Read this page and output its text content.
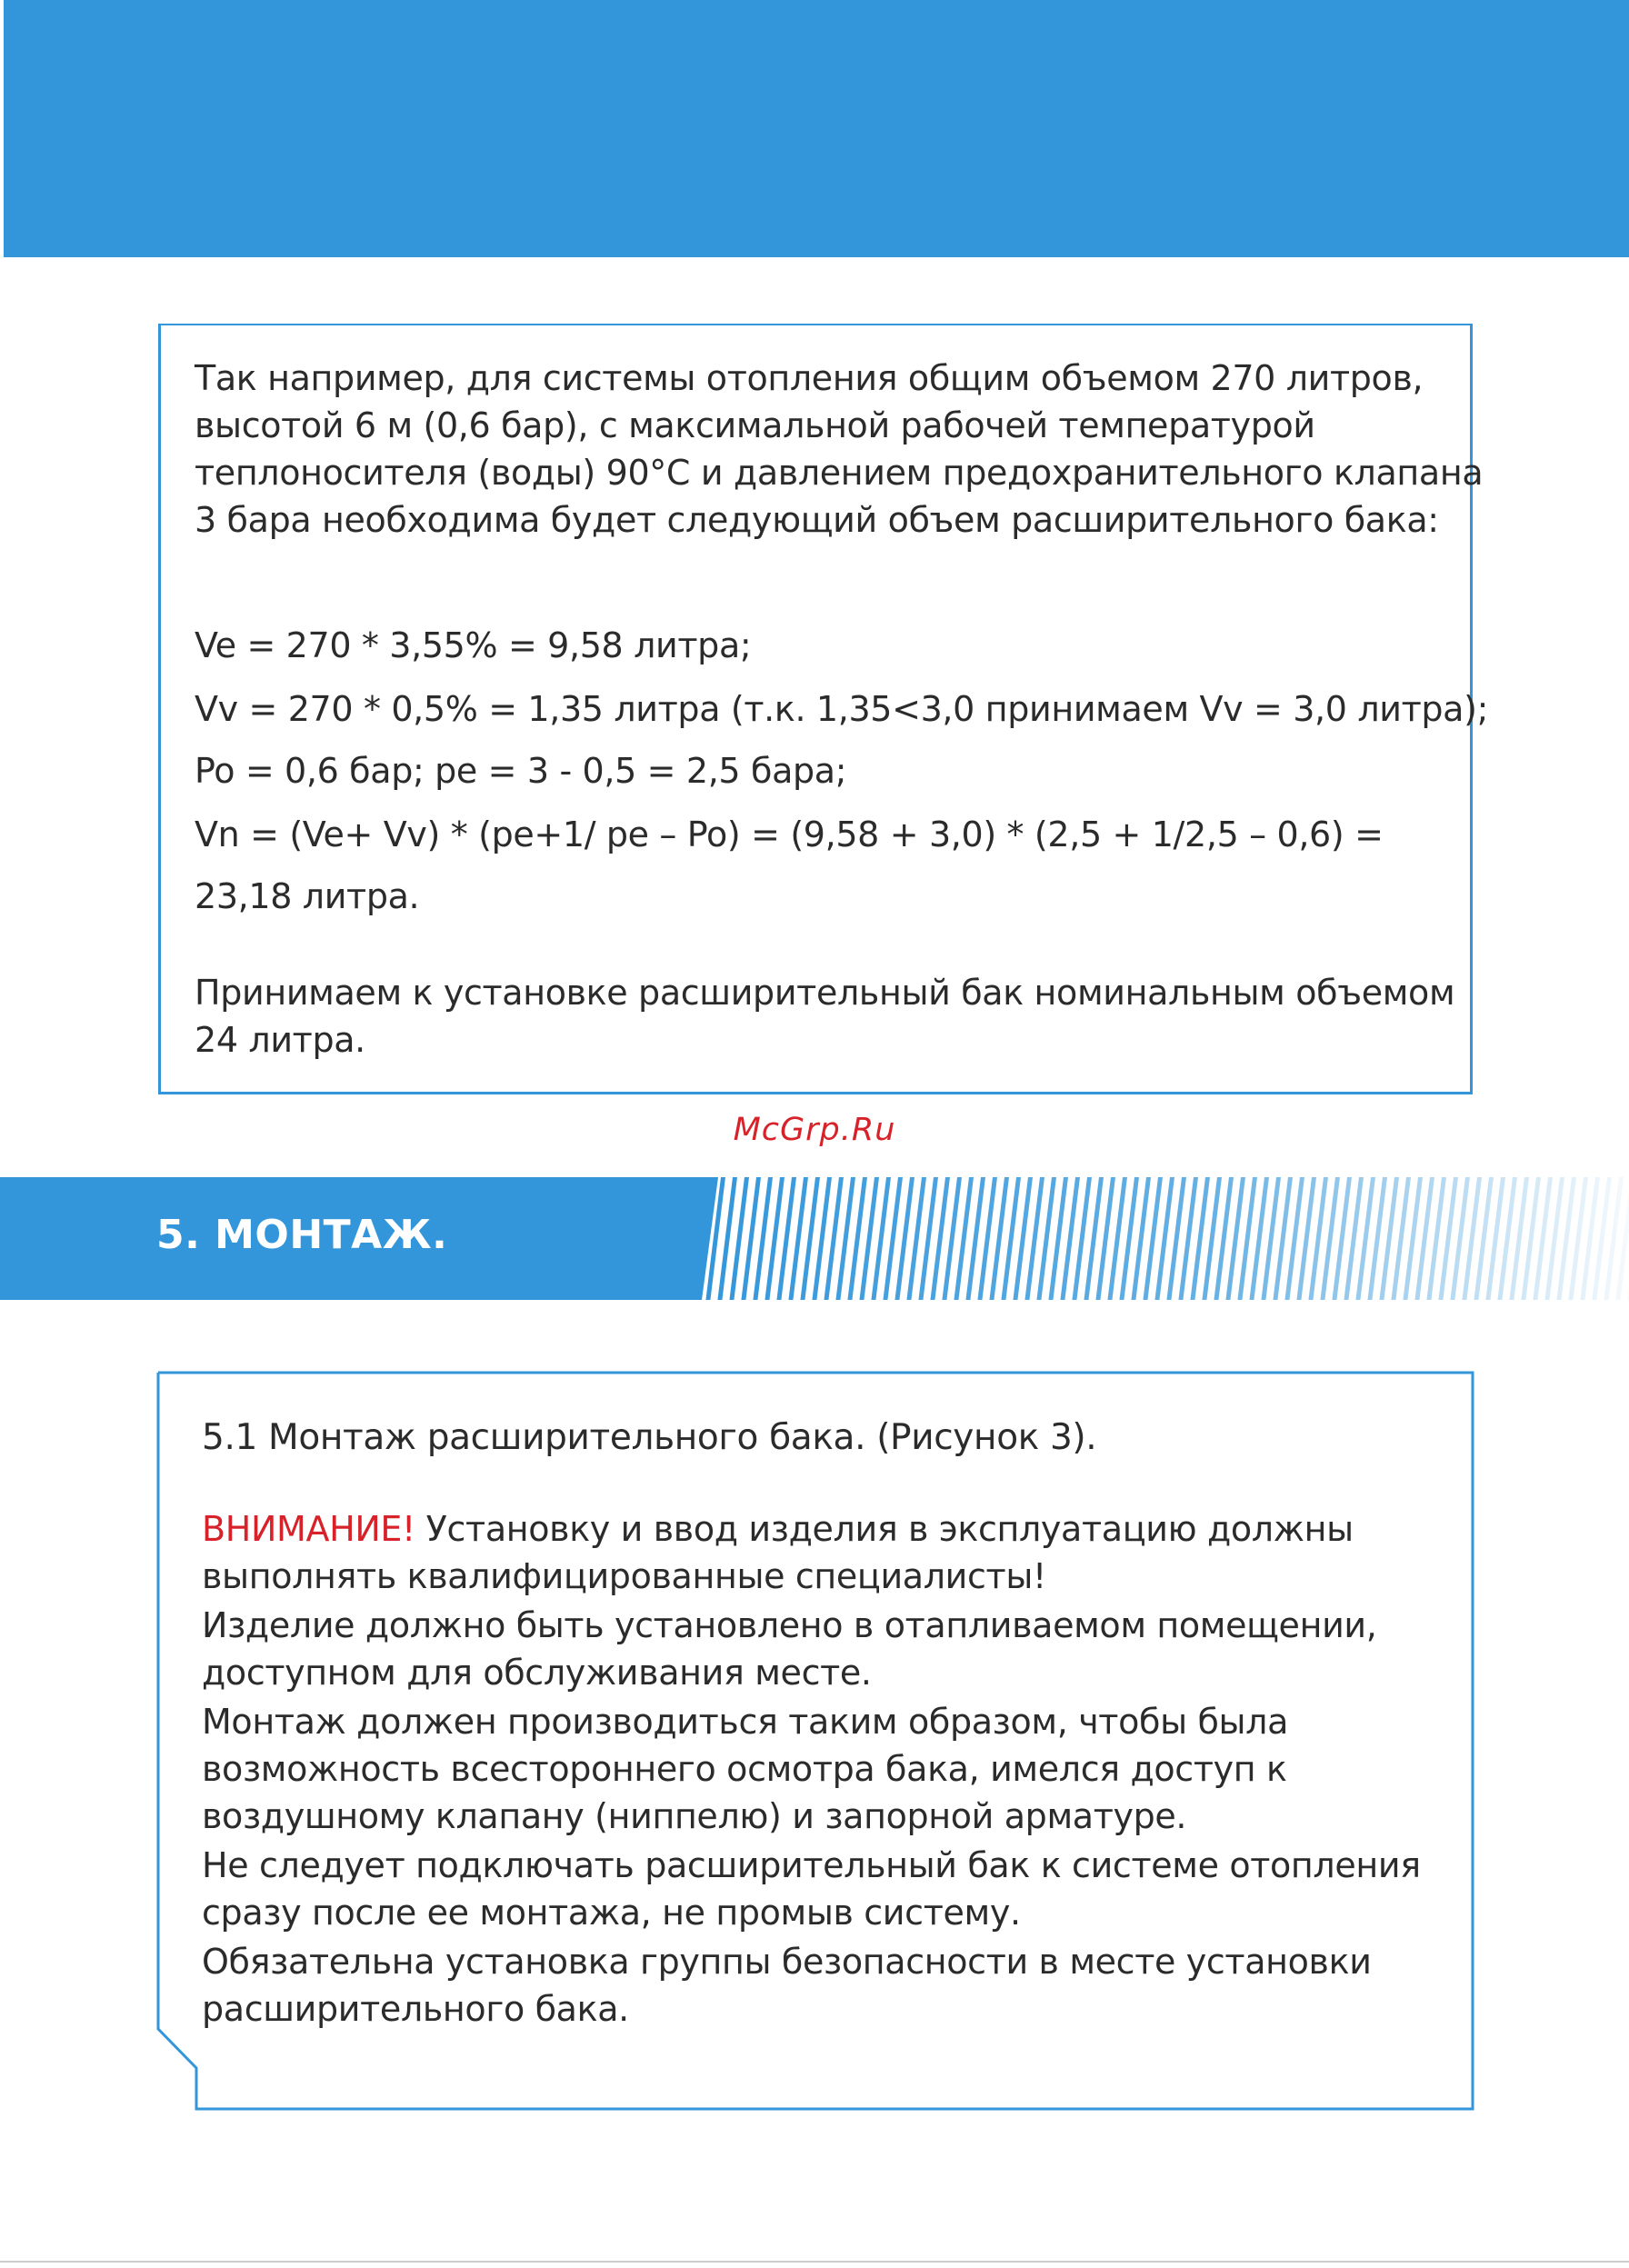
Так например, для системы отопления общим объемом 270 литров,

высотой 6 м (0,6 бар), с максимальной рабочей температурой

теплоносителя (воды) 90°С и давлением предохранительного клапана

3 бара необходима будет следующий объем расширительного бака:

Ve = 270 * 3,55% = 9,58 литра;

Vv = 270 * 0,5% = 1,35 литра (т.к. 1,35<3,0 принимаем Vv = 3,0 литра);

Po = 0,6 бар; pe = 3 - 0,5 = 2,5 бара;

Vn = (Ve+ Vv) * (pe+1/ pe – Po) = (9,58 + 3,0) * (2,5 + 1/2,5 – 0,6) =

23,18 литра.

Принимаем к установке расширительный бак номинальным объемом

24 литра.

McGrp.Ru
5. МОНТАЖ.

5.1 Монтаж расширительного бака. (Рисунок 3).

ВНИМАНИЕ! Установку и ввод изделия в эксплуатацию должны

выполнять квалифицированные специалисты!

Изделие должно быть установлено в отапливаемом помещении,

доступном для обслуживания месте.

Монтаж должен производиться таким образом, чтобы была

возможность всестороннего осмотра бака, имелся доступ к

воздушному клапану (ниппелю) и запорной арматуре.

Не следует подключать расширительный бак к системе отопления

сразу после ее монтажа, не промыв систему.

Обязательна установка группы безопасности в месте установки

расширительного бака.
